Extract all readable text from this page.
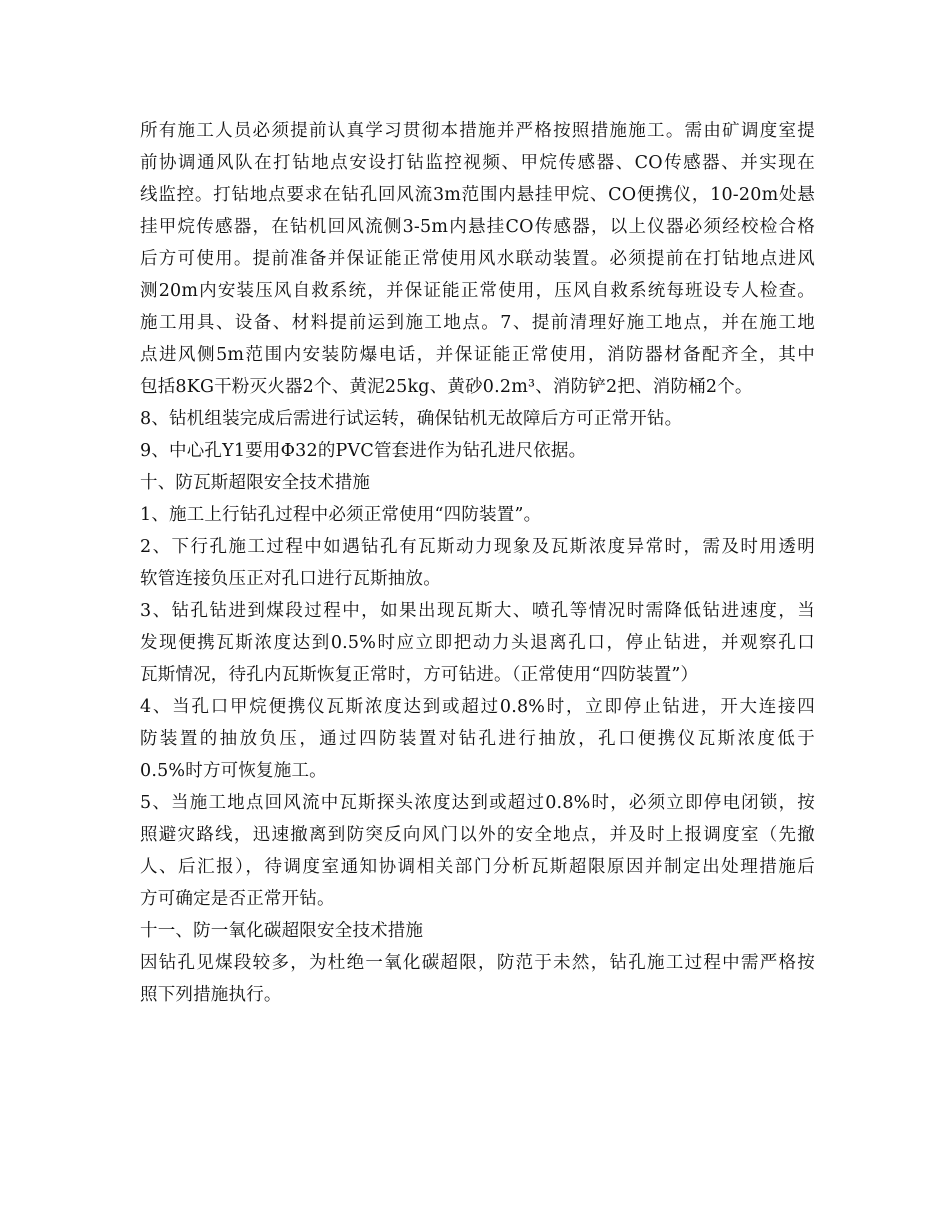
所有施工人员必须提前认真学习贯彻本措施并严格按照措施施工。需由矿调度室提
前协调通风队在打钻地点安设打钻监控视频、甲烷传感器、CO传感器、并实现在
线监控。打钻地点要求在钻孔回风流3m范围内悬挂甲烷、CO便携仪，10-20m处悬
挂甲烷传感器，在钻机回风流侧3-5m内悬挂CO传感器，以上仪器必须经校检合格
后方可使用。提前准备并保证能正常使用风水联动装置。必须提前在打钻地点进风
测20m内安装压风自救系统，并保证能正常使用，压风自救系统每班设专人检查。
施工用具、设备、材料提前运到施工地点。7、提前清理好施工地点，并在施工地
点进风侧5m范围内安装防爆电话，并保证能正常使用，消防器材备配齐全，其中
包括8KG干粉灭火器2个、黄泥25kg、黄砂0.2m³、消防铲2把、消防桶2个。
8、钻机组装完成后需进行试运转，确保钻机无故障后方可正常开钻。
9、中心孔Y1要用Φ32的PVC管套进作为钻孔进尺依据。
十、防瓦斯超限安全技术措施
1、施工上行钻孔过程中必须正常使用“四防装置”。
2、下行孔施工过程中如遇钻孔有瓦斯动力现象及瓦斯浓度异常时，需及时用透明
软管连接负压正对孔口进行瓦斯抽放。
3、钻孔钻进到煤段过程中，如果出现瓦斯大、喷孔等情况时需降低钻进速度，当
发现便携瓦斯浓度达到0.5%时应立即把动力头退离孔口，停止钻进，并观察孔口
瓦斯情况，待孔内瓦斯恢复正常时，方可钻进。（正常使用“四防装置”）
4、当孔口甲烷便携仪瓦斯浓度达到或超过0.8%时，立即停止钻进，开大连接四
防装置的抽放负压，通过四防装置对钻孔进行抽放，孔口便携仪瓦斯浓度低于
0.5%时方可恢复施工。
5、当施工地点回风流中瓦斯探头浓度达到或超过0.8%时，必须立即停电闭锁，按
照避灾路线，迅速撤离到防突反向风门以外的安全地点，并及时上报调度室（先撤
人、后汇报），待调度室通知协调相关部门分析瓦斯超限原因并制定出处理措施后
方可确定是否正常开钻。
十一、防一氧化碳超限安全技术措施
因钻孔见煤段较多，为杜绝一氧化碳超限，防范于未然，钻孔施工过程中需严格按
照下列措施执行。
